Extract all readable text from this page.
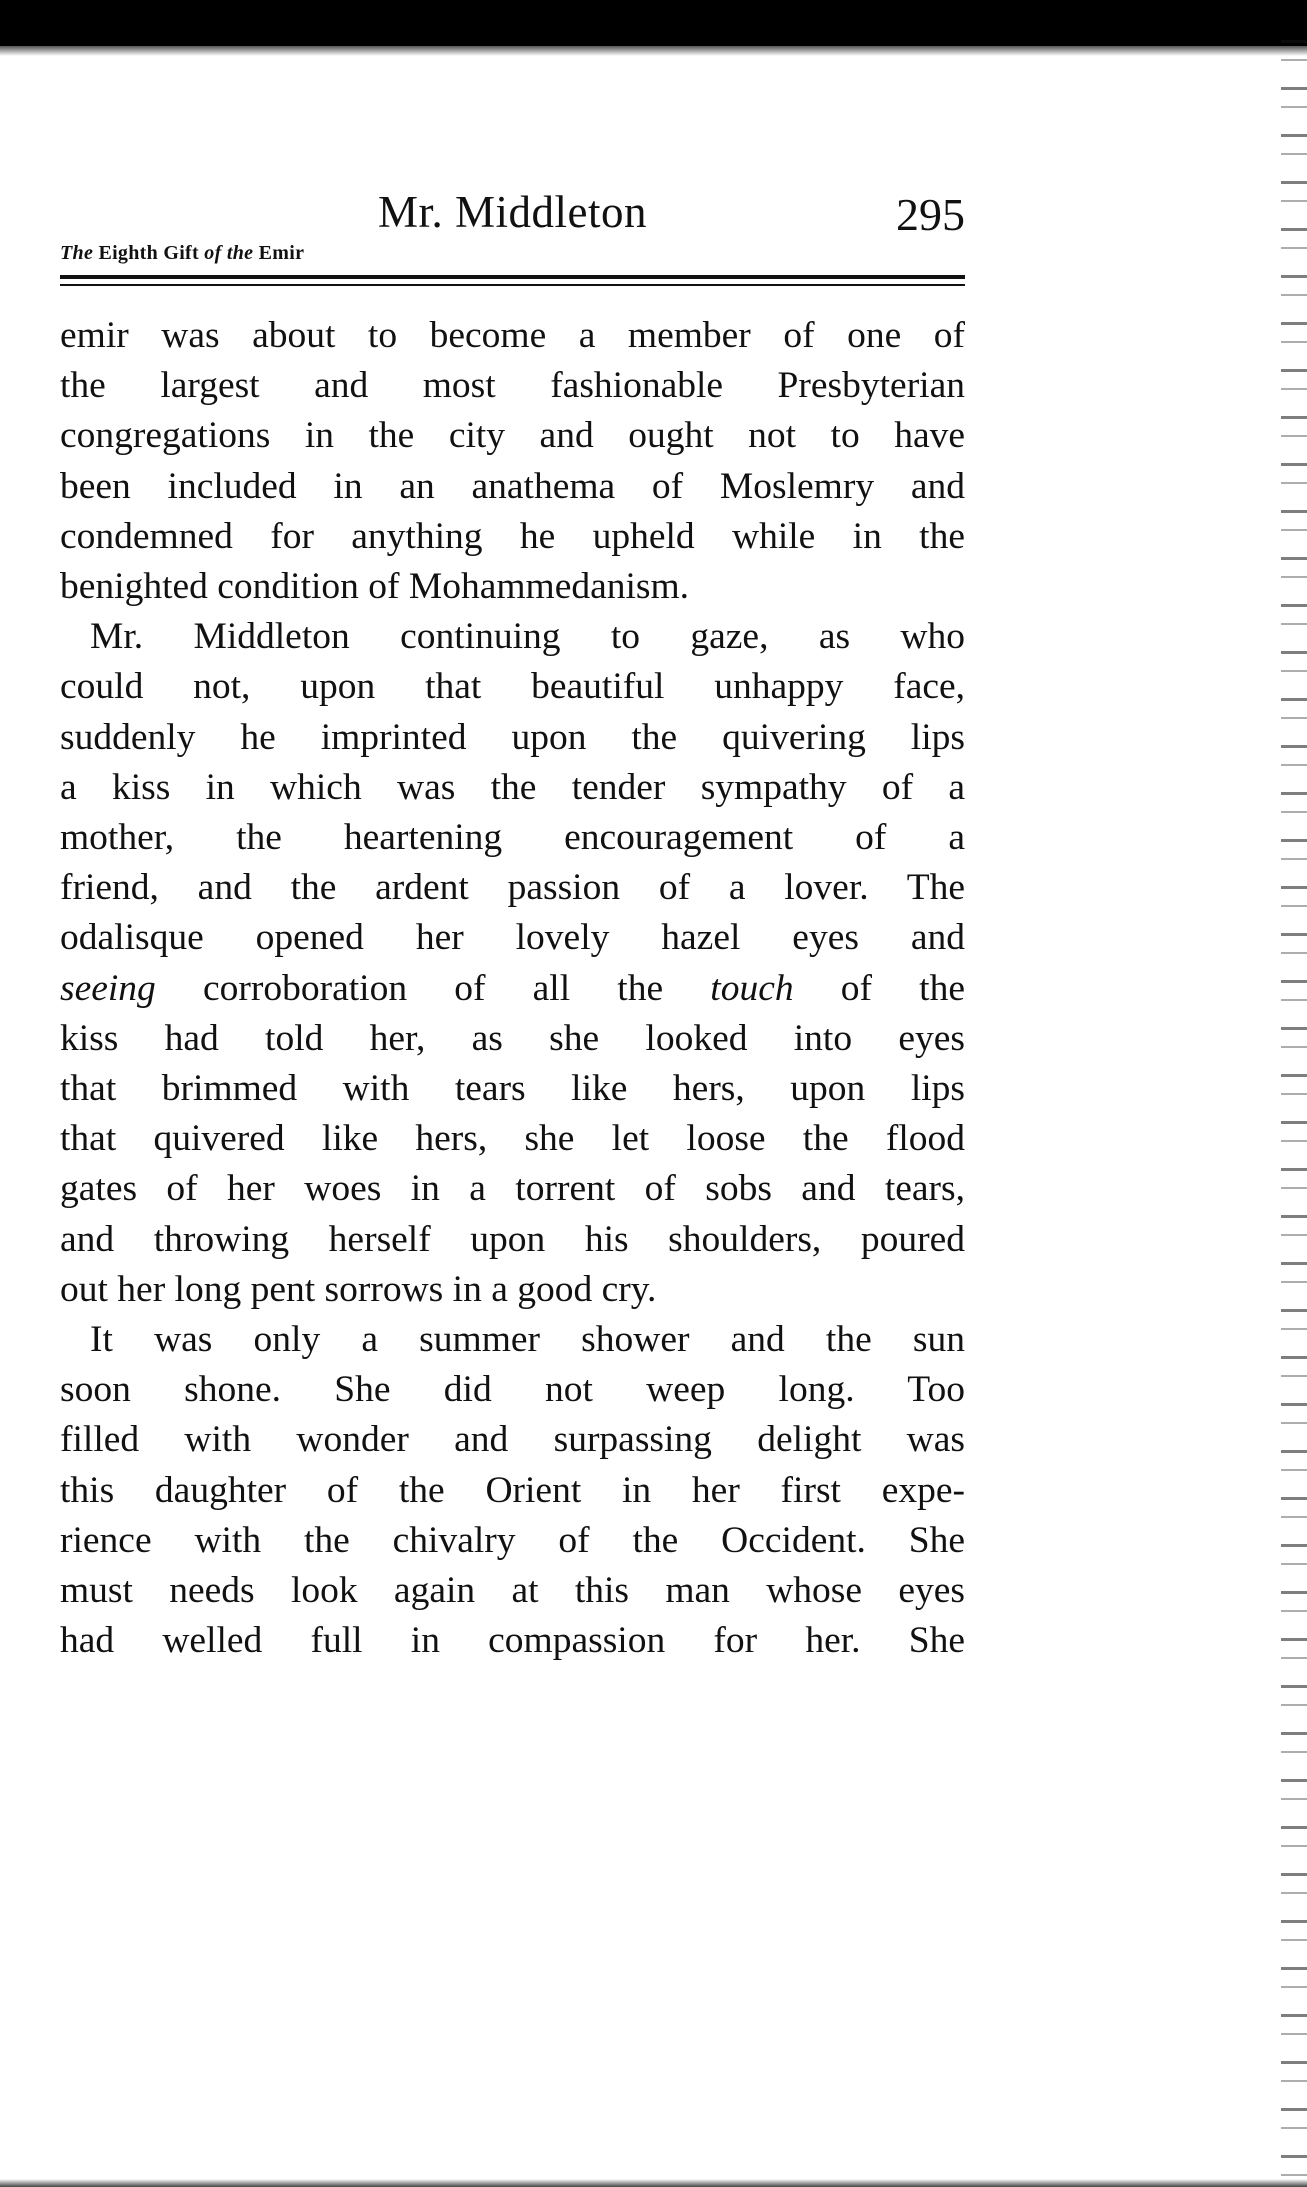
Mr. Middleton	295
The Eighth Gift of the Emir

emir was about to become a member of one of
the largest and most fashionable Presbyterian
congregations in the city and ought not to have
been included in an anathema of Moslemry and
condemned for anything he upheld while in the
benighted condition of Mohammedanism.

Mr. Middleton continuing to gaze, as who
could not, upon that beautiful unhappy face,
suddenly he imprinted upon the quivering lips
a kiss in which was the tender sympathy of a
mother, the heartening encouragement of a
friend, and the ardent passion of a lover. The
odalisque opened her lovely hazel eyes and
seeing corroboration of all the touch of the
kiss had told her, as she looked into eyes
that brimmed with tears like hers, upon lips
that quivered like hers, she let loose the flood
gates of her woes in a torrent of sobs and tears,
and throwing herself upon his shoulders, poured
out her long pent sorrows in a good cry.

It was only a summer shower and the sun
soon shone. She did not weep long. Too
filled with wonder and surpassing delight was
this daughter of the Orient in her first expe-
rience with the chivalry of the Occident. She
must needs look again at this man whose eyes
had welled full in compassion for her. She
